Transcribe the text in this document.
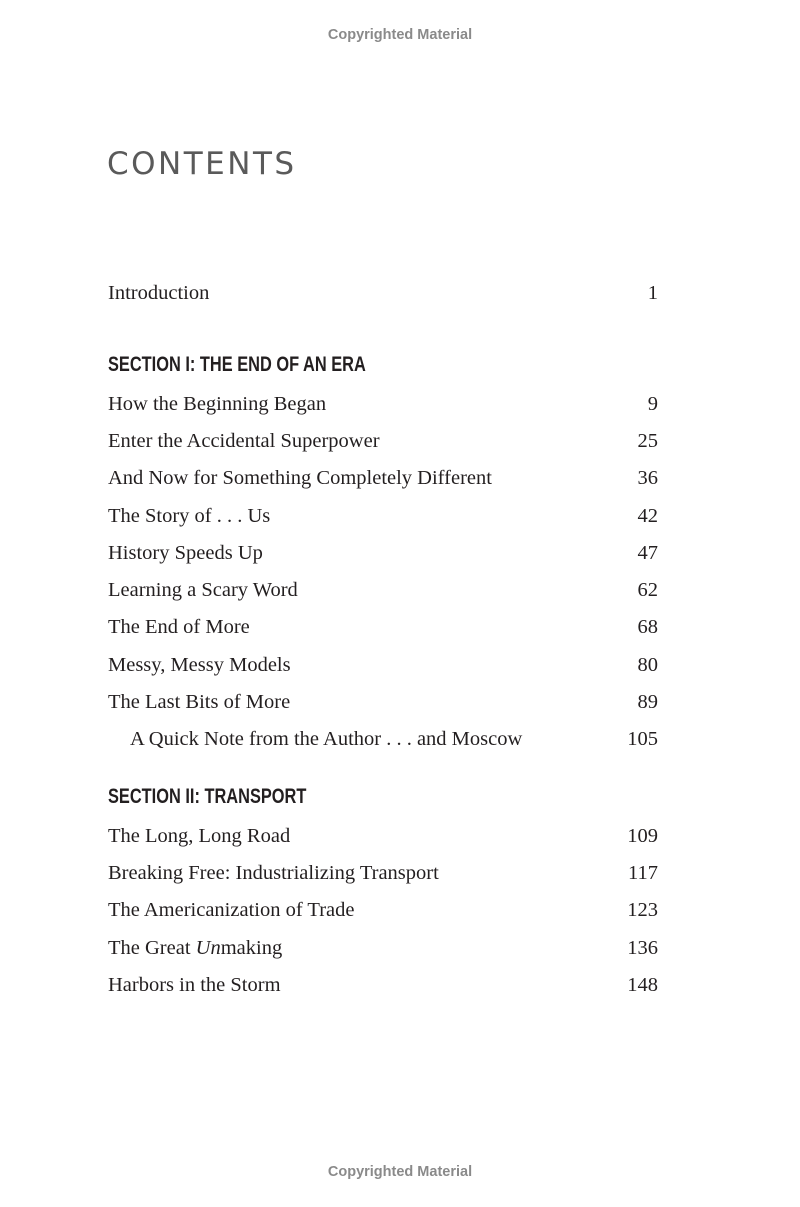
Copyrighted Material
CONTENTS
Introduction	1
SECTION I: THE END OF AN ERA
How the Beginning Began	9
Enter the Accidental Superpower	25
And Now for Something Completely Different	36
The Story of . . . Us	42
History Speeds Up	47
Learning a Scary Word	62
The End of More	68
Messy, Messy Models	80
The Last Bits of More	89
A Quick Note from the Author . . . and Moscow	105
SECTION II: TRANSPORT
The Long, Long Road	109
Breaking Free: Industrializing Transport	117
The Americanization of Trade	123
The Great Unmaking	136
Harbors in the Storm	148
Copyrighted Material
